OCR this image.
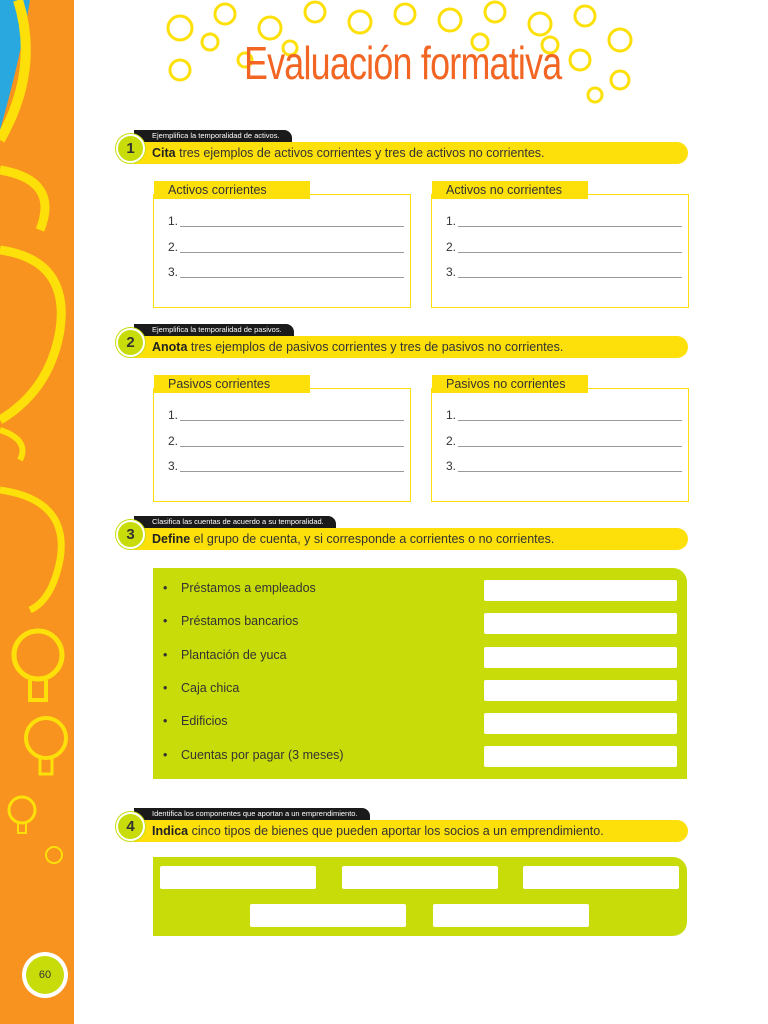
60
Evaluación formativa
1
Ejemplifica la temporalidad de activos.
Cita tres ejemplos de activos corrientes y tres de activos no corrientes.
Activos corrientes
1.
2.
3.
Activos no corrientes
1.
2.
3.
2
Ejemplifica la temporalidad de pasivos.
Anota tres ejemplos de pasivos corrientes y tres de pasivos no corrientes.
Pasivos corrientes
1.
2.
3.
Pasivos no corrientes
1.
2.
3.
3
Clasifica las cuentas de acuerdo a su temporalidad.
Define el grupo de cuenta, y si corresponde a corrientes o no corrientes.
• Préstamos a empleados
• Préstamos bancarios
• Plantación de yuca
• Caja chica
• Edificios
• Cuentas por pagar (3 meses)
4
Identifica los componentes que aportan a un emprendimiento.
Indica cinco tipos de bienes que pueden aportar los socios a un emprendimiento.
